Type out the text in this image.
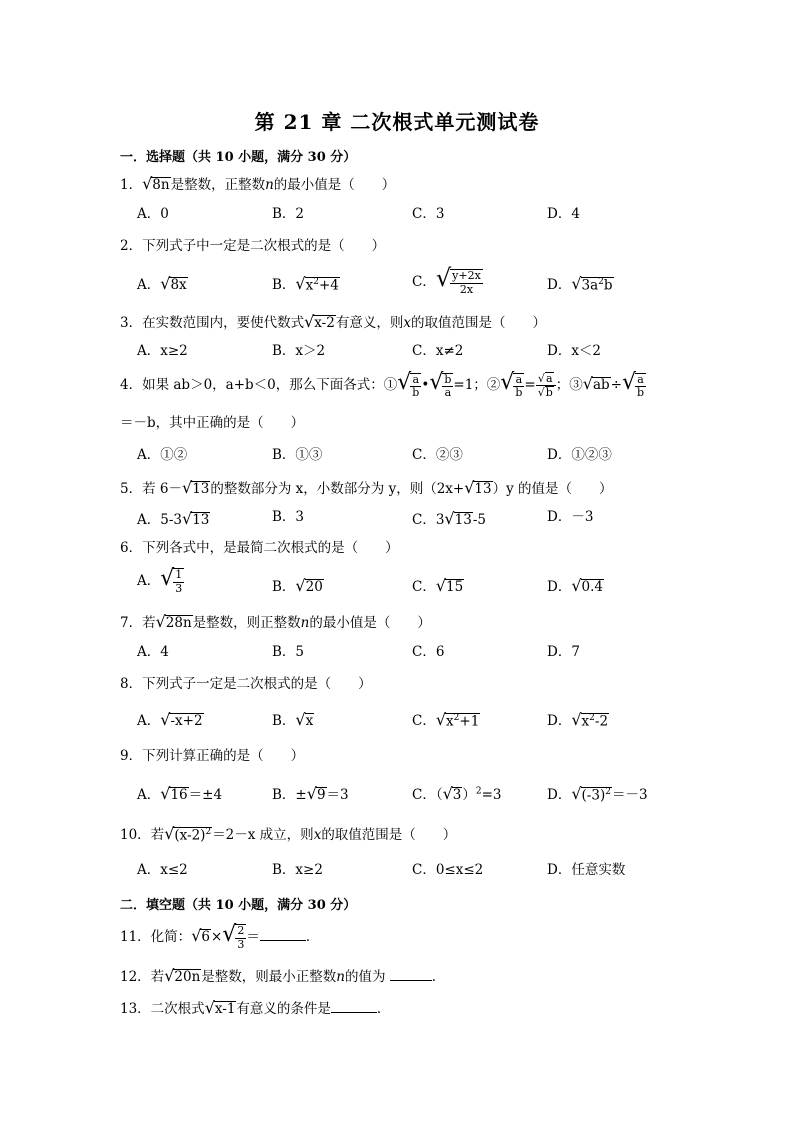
第 21 章 二次根式单元测试卷
一．选择题（共 10 小题，满分 30 分）
1．√8n是整数，正整数n的最小值是（　　）
A．0	B．2	C．3	D．4
2．下列式子中一定是二次根式的是（　　）
A．√8x	B．$√x^2+4$	C．√ $\frac{y+2x}{2x}$	D．$√3a^2b$
3．在实数范围内，要使代数式√x-2有意义，则x的取值范围是（　　）
A．x≥2	B．x＞2	C．x≠2	D．x＜2
4．如果 ab＞0，a+b＜0，那么下面各式：①√ $\frac{a}{b}$ •√ $\frac{b}{a} =1$；②√ $\frac{a}{b} = \frac{√a}{√b}$ ；③√ab÷√ $\frac{a}{b}$
＝－b，其中正确的是（　　）
A．①②	B．①③	C．②③	D．①②③
5．若 6－√13的整数部分为 x，小数部分为 y，则（2x+√13）y 的值是（　　）
A．5-3√13	B．3	C．3√13-5	D．－3
6．下列各式中，是最简二次根式的是（　　）
A．√ $\frac{1}{3}$	B．√20	C．√15	D．√0.4
7．若√28n是整数，则正整数n的最小值是（　　）
A．4	B．5	C．6	D．7
8．下列式子一定是二次根式的是（　　）
A．√-x+2	B．√x	C．$√x^2+1$	D．$√x^2-2$
9．下列计算正确的是（　　）
A．√16＝±4	B．±√9＝3	C．$(√3)^2=3$	D．$√(-3)^2=-3$
10．若$√(x-2)^2=2-x$ 成立，则x的取值范围是（　　）
A．x≤2	B．x≥2	C．0≤x≤2	D．任意实数
二．填空题（共 10 小题，满分 30 分）
11．化简：$√6\times√ \frac{2}{3}$ ＝	．
12．若√20n是整数，则最小正整数n的值为	．
13．二次根式√x-1有意义的条件是	．
